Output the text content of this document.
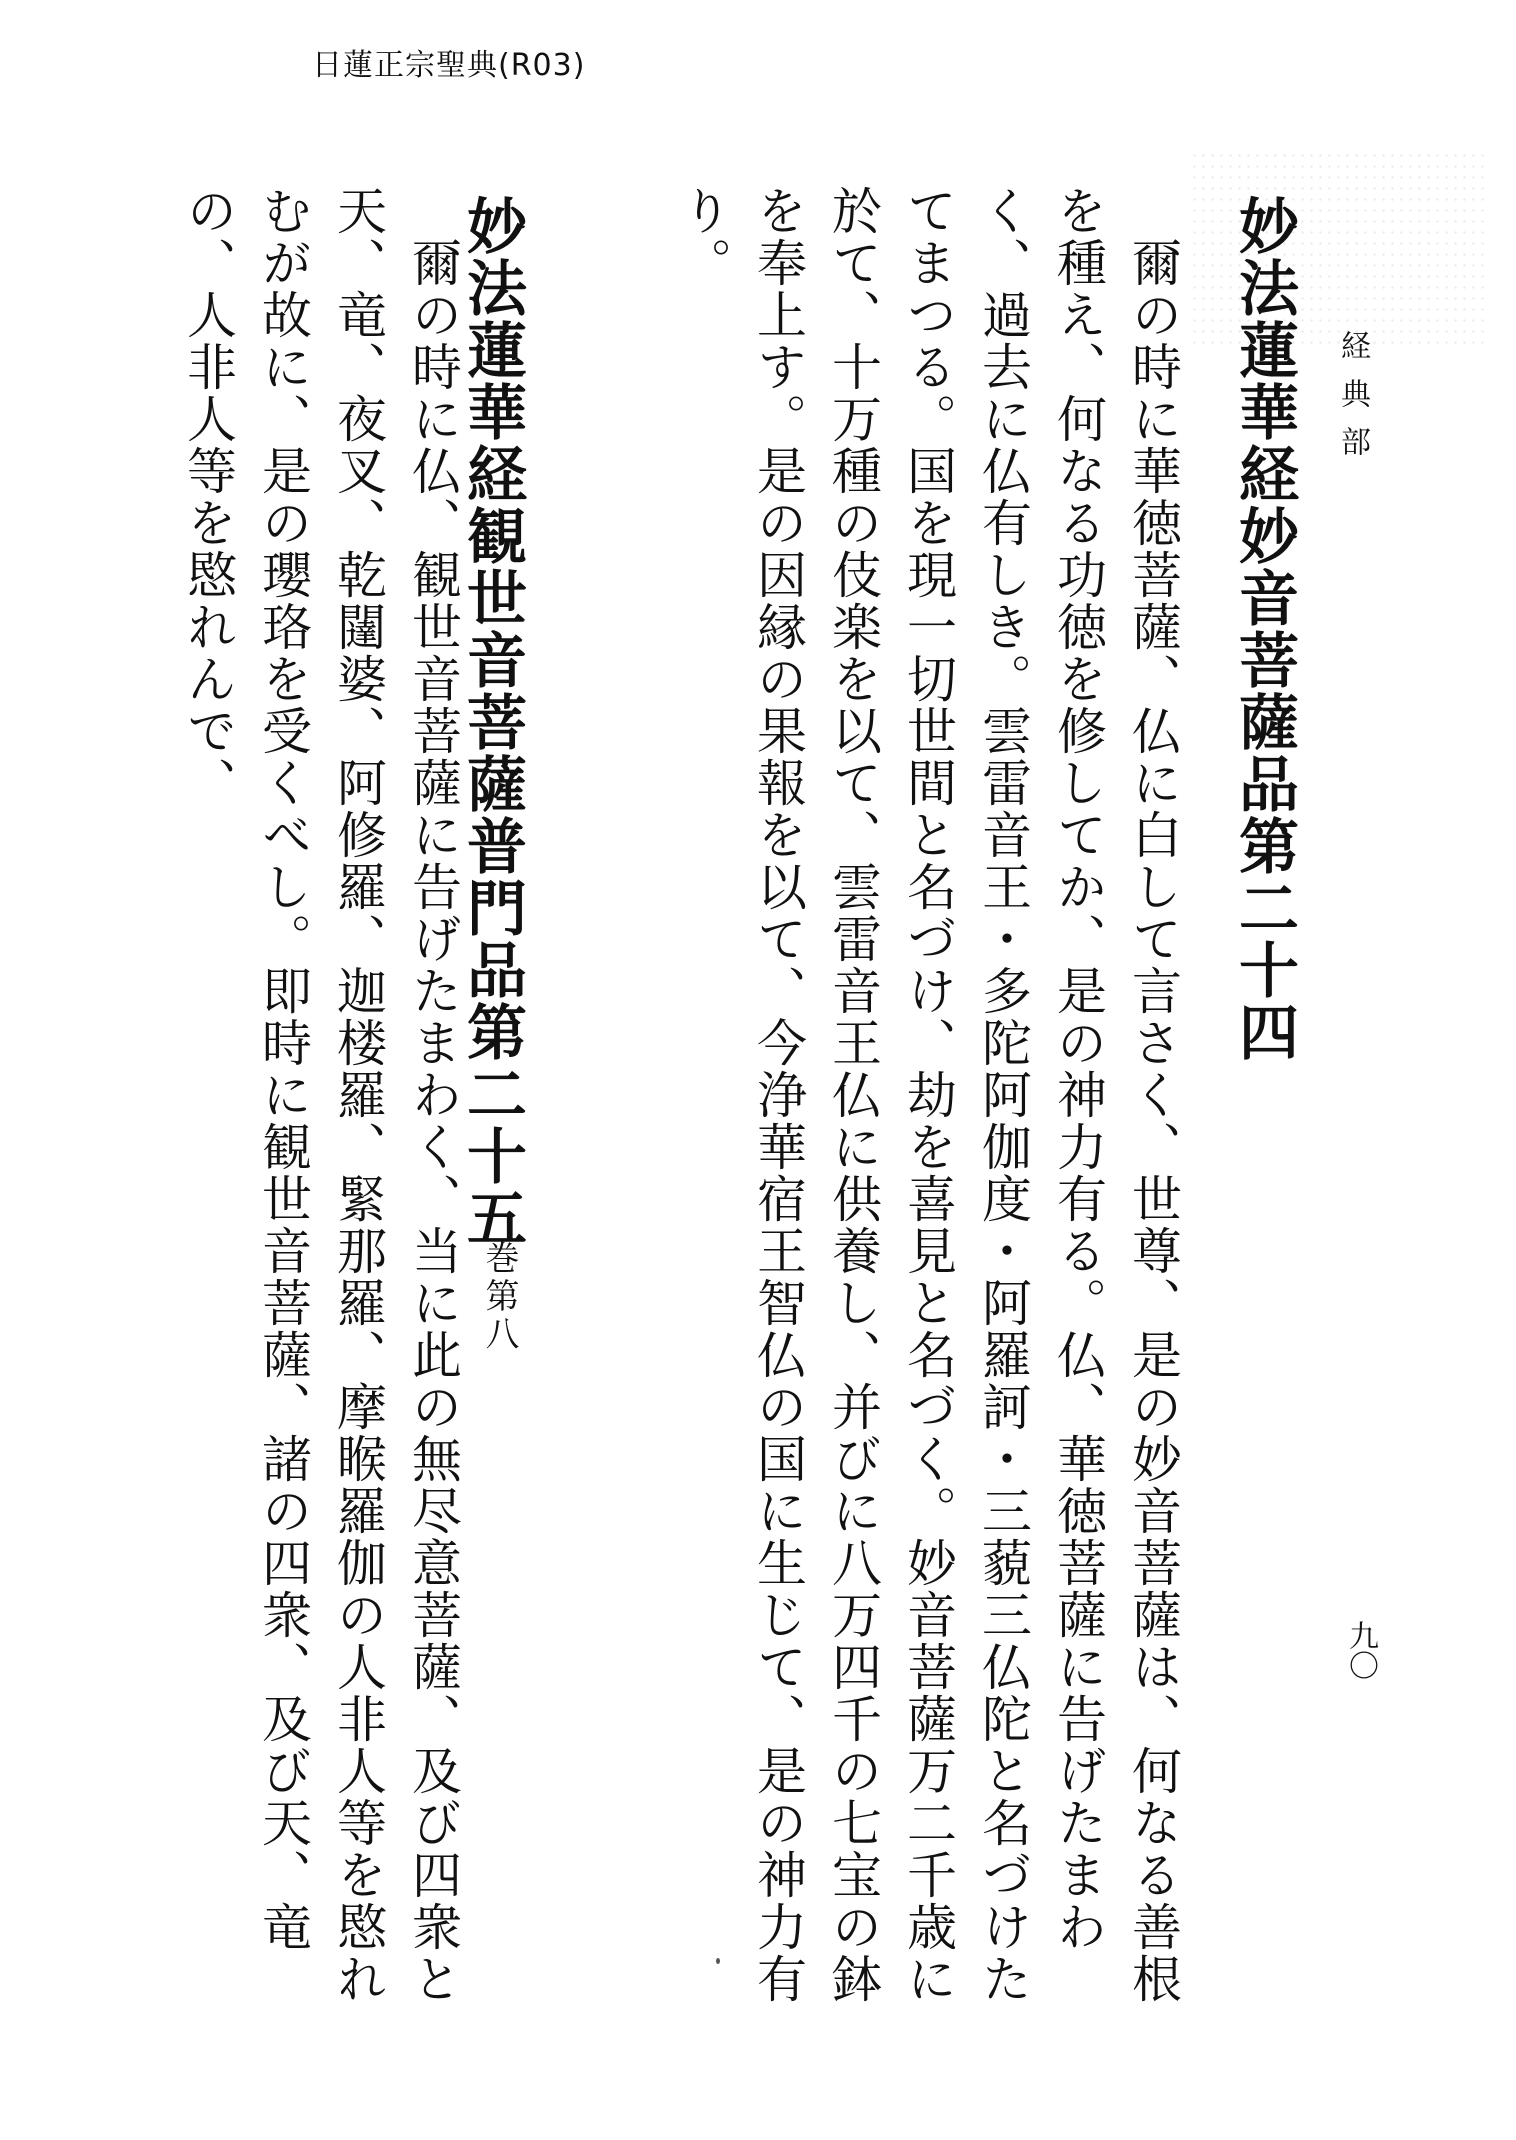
日蓮正宗聖典(R03)
経典部
妙法蓮華経妙音菩薩品第二十四
　爾の時に華徳菩薩、仏に白して言さく、世尊、是の妙音菩薩は、何なる善根を種え、何なる功徳を修してか、是の神力有る。仏、華徳菩薩に告げたまわく、過去に仏有しき。雲雷音王・多陀阿伽度・阿羅訶・三藐三仏陀と名づけたてまつる。国を現一切世間と名づけ、劫を喜見と名づく。妙音菩薩万二千歳に於て、十万種の伎楽を以て、雲雷音王仏に供養し、并びに八万四千の七宝の鉢を奉上す。是の因縁の果報を以て、今浄華宿王智仏の国に生じて、是の神力有り。
妙法蓮華経観世音菩薩普門品第二十五
巻第八
　爾の時に仏、観世音菩薩に告げたまわく、当に此の無尽意菩薩、及び四衆と天、竜、夜叉、乾闥婆、阿修羅、迦楼羅、緊那羅、摩睺羅伽の人非人等を愍れむが故に、是の瓔珞を受くべし。即時に観世音菩薩、諸の四衆、及び天、竜の、人非人等を愍れんで、
九〇
